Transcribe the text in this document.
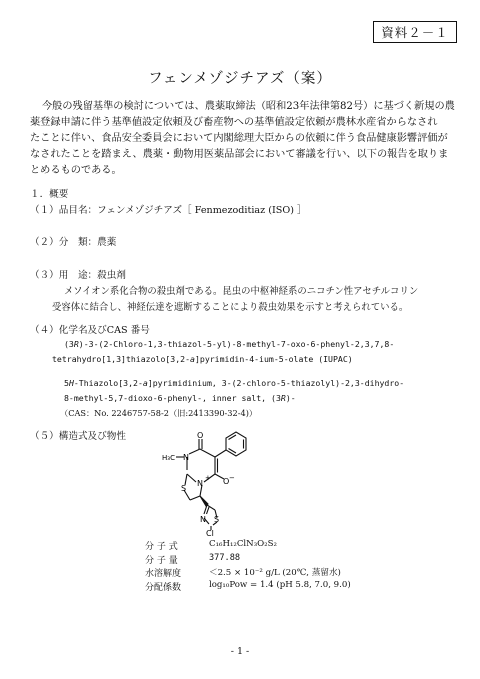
資料２－１
フェンメゾジチアズ（案）
今般の残留基準の検討については、農薬取締法（昭和23年法律第82号）に基づく新規の農
薬登録申請に伴う基準値設定依頼及び畜産物への基準値設定依頼が農林水産省からなされ
たことに伴い、食品安全委員会において内閣総理大臣からの依頼に伴う食品健康影響評価が
なされたことを踏まえ、農薬・動物用医薬品部会において審議を行い、以下の報告を取りま
とめるものである。
１．概要
（１）品目名：フェンメゾジチアズ［ Fenmezoditiaz (ISO) ］
（２）分　類：農薬
（３）用　途：殺虫剤
メソイオン系化合物の殺虫剤である。昆虫の中枢神経系のニコチン性アセチルコリン
受容体に結合し、神経伝達を遮断することにより殺虫効果を示すと考えられている。
（４）化学名及びCAS 番号
(3R)-3-(2-Chloro-1,3-thiazol-5-yl)-8-methyl-7-oxo-6-phenyl-2,3,7,8-
tetrahydro[1,3]thiazolo[3,2-a]pyrimidin-4-ium-5-olate (IUPAC)
5H-Thiazolo[3,2-a]pyrimidinium, 3-(2-chloro-5-thiazolyl)-2,3-dihydro-
8-methyl-5,7-dioxo-6-phenyl-, inner salt, (3R)-
（CAS：No. 2246757-58-2（旧:2413390-32-4)）
（５）構造式及び物性	O
H₃C N
N
+ O −
S
S
N
Cl
分 子 式	C₁₆H₁₂ClN₃O₂S₂
分 子 量	377.88
水溶解度	＜2.5 × 10⁻² g/L (20℃, 蒸留水)
分配係数	log₁₀Pow = 1.4 (pH 5.8, 7.0, 9.0)
- 1 -
